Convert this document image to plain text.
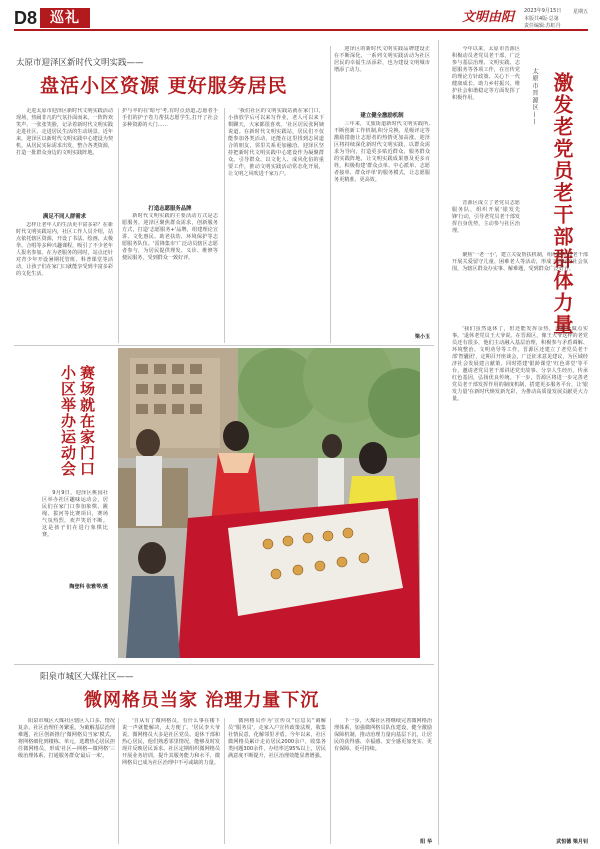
D8 巡礼	文明由阳 2023年9月15日 星期五
本版共4版·总第
责任编辑:苏虹丹
太原市迎泽区新时代文明实践——
盘活小区资源 更好服务居民
走进太原市迎泽区新时代文明实践活动现场，热闹非凡的气氛扑面而来。一阵阵欢笑声、一张张笑脸，记录着新时代文明实践走进社区、走进居民生活的生动场景。近年来，迎泽区以新时代文明实践中心建设为契机，从居民实际需求出发，整合各类资源，打造一批群众身边的文明实践阵地。
满足不同人群需求
怎样让老年人的生活更丰富多彩？在新时代文明实践站内，社区工作人员介绍，站点依托辖区资源，开设了书法、绘画、太极拳、合唱等多种兴趣课程，吸引了不少老年人报名参加。在为老服务的同时，站点还针对青少年开设暑期托管班、科普课堂等活动，让孩子们在家门口就能享受到丰富多彩的文化生活。
护与卒的在'暗号'考,有时点劲道,志愿者手手们的护子卷力帮扶志愿学生,打开了社会多种资源的大门……
打造志愿服务品牌
新时代文明实践的主要活动方式是志愿服务。迎泽区聚焦群众需求，创新服务方式，打造'志愿服务+'品牌，组建理论宣讲、文化惠民、助老扶幼、环境保护等志愿服务队伍。'雷锋集市'广泛动员辖区志愿者参与，为居民提供理发、义诊、维修等便民服务，受到群众一致好评。
'我们社区的文明实践站就在家门口，小孩放学后可以来写作业，老人可以来下棋聊天，大家都很喜欢。'社区居民张阿姨说道。在新时代文明实践站，居民们不仅能参加各类活动，还能在这里找到志同道合的朋友，邻里关系更加融洽。迎泽区坚持把新时代文明实践中心建设作为凝聚群众、引导群众、以文化人、成风化俗的重要工作，推动文明实践活动常态化开展，让文明之风吹进千家万户。
迎泽区的新时代文明实践品牌建设正在不断深化，一系列文明实践活动为社区居民的幸福生活添彩，也为建设文明城市增添了动力。
建立健全激励机制
三年来，文旅街道新时代文明实践所,不断创新工作机制,积分兑换、星级评定等激励措施让志愿者的热情更加高涨。迎泽区将持续深化新时代文明实践，以群众需求为导向，打造更多贴近群众、服务群众的实践阵地，让文明实践成果惠及更多百姓。积极构建'群众点单、中心派单、志愿者接单、群众评单'的服务模式，让志愿服务更精准、更高效。
梁小玉
赛场就在家门口 小区举办运动会
9月9日，迎泽区桃园社区举办社区趣味运动会，居民们在家门口参加象棋、跳绳、拔河等比赛项目，赛场气氛热烈，欢声笑语不断。这是孩子们在进行象棋比赛。
陶登科 张雅琴/摄
阳泉市城区大煤社区——
微网格员当家 治理力量下沉
阳泉市城区大煤社区辖区人口多、情况复杂，社区治理任务繁重。为破解基层治理难题，社区创新推行'微网格员当家'模式，将网格细化到楼栋、单元，选聘热心居民担任微网格员，形成'社区—网格—微网格'三级治理体系，打通服务群众'最后一米'。
'自从有了微网格员，有什么事在楼下说一声就能解决，太方便了。'居民李大爷说。微网格员大多是社区党员、退休干部和热心居民，他们熟悉邻里情况，能够及时发现并反映居民诉求。社区定期组织微网格员开展业务培训，提升其服务能力和水平，微网格员已成为社区治理中不可或缺的力量。
微网格员作为'宣传员''信息员''调解员''服务员'，走家入户宣传政策法规，收集社情民意，化解邻里矛盾。今年以来，社区微网格员累计走访居民2000余户，收集各类问题300余件，办结率达95%以上，居民满意度不断提升，社区治理效能显著增强。
下一步，大煤社区将继续完善微网格治理体系，加强微网格员队伍建设，健全激励保障机制，推动治理力量向基层下沉，让居民的获得感、幸福感、安全感更加充实、更有保障、更可持续。
阳 华
太原市晋源区—— 激发老党员老干部群体力量
今年以来，太原市晋源区积极动员老党员老干部，广泛参与基层治理、文明实践、志愿服务等各项工作，在宣传党的理论方针政策、关心下一代健康成长、助力乡村振兴、维护社会和谐稳定等方面发挥了积极作用。
晋源区成立了老党员志愿服务队，组织开展'银发先锋'行动，引导老党员老干部发挥自身优势，主动参与社区治理。
聚焦'一老一小'，建立关爱帮扶机制，组织老党员老干部开展关爱留守儿童、困难老人等活动，形成了良好的社会氛围，为辖区群众办实事、解难题，受到群众广泛好评。
'我们虽然退休了，但还能发挥余热，为群众做点实事。'退休老党员王大爷说。在晋源区，像王大爷这样的老党员还有很多，他们主动融入基层治理，积极参与矛盾调解、环境整治、文明劝导等工作。晋源区还建立了老党员老干部'智囊团'，定期召开座谈会，广泛征求意见建议，为区域经济社会发展建言献策。同时搭建'银龄课堂''红色讲堂'等平台，邀请老党员老干部讲述党史故事、分享人生经历，传承红色基因，弘扬优良传统。下一步，晋源区将进一步完善老党员老干部发挥作用的制度机制，搭建更多服务平台，让'银发力量'在新时代焕发新光彩，为推动高质量发展贡献更大力量。
武恒德 梁月钊
